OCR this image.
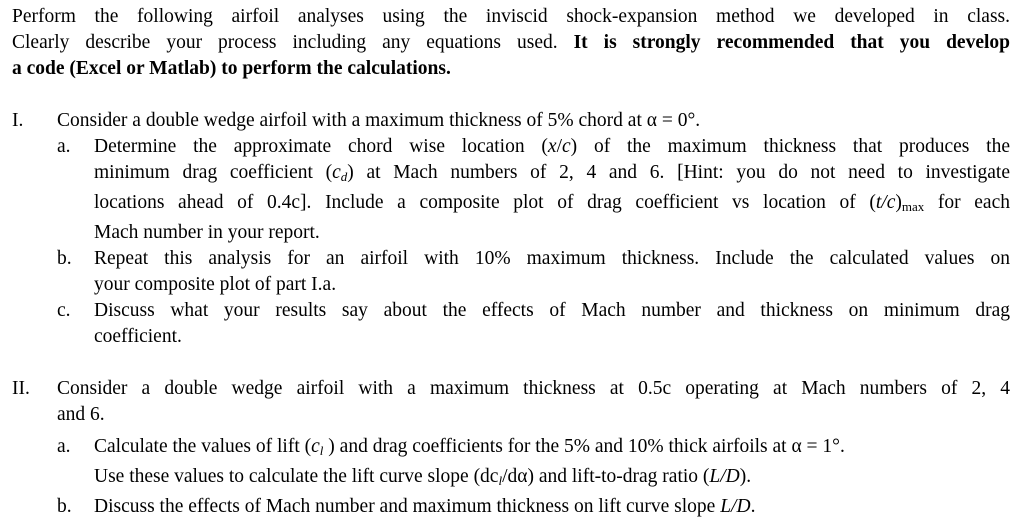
Perform the following airfoil analyses using the inviscid shock-expansion method we developed in class.
Clearly describe your process including any equations used. It is strongly recommended that you develop
a code (Excel or Matlab) to perform the calculations.
I. Consider a double wedge airfoil with a maximum thickness of 5% chord at α = 0°.
a. Determine the approximate chord wise location (x/c) of the maximum thickness that produces the
minimum drag coefficient (cd) at Mach numbers of 2, 4 and 6. [Hint: you do not need to investigate
locations ahead of 0.4c]. Include a composite plot of drag coefficient vs location of $(t/c)_{max}$ for each
Mach number in your report.
b. Repeat this analysis for an airfoil with 10% maximum thickness. Include the calculated values on
your composite plot of part I.a.
c. Discuss what your results say about the effects of Mach number and thickness on minimum drag
coefficient.
II. Consider a double wedge airfoil with a maximum thickness at 0.5c operating at Mach numbers of 2, 4
and 6.
a. Calculate the values of lift (cl ) and drag coefficients for the 5% and 10% thick airfoils at α = 1°.
Use these values to calculate the lift curve slope (dcl/dα) and lift-to-drag ratio (L/D).
b. Discuss the effects of Mach number and maximum thickness on lift curve slope L/D.
